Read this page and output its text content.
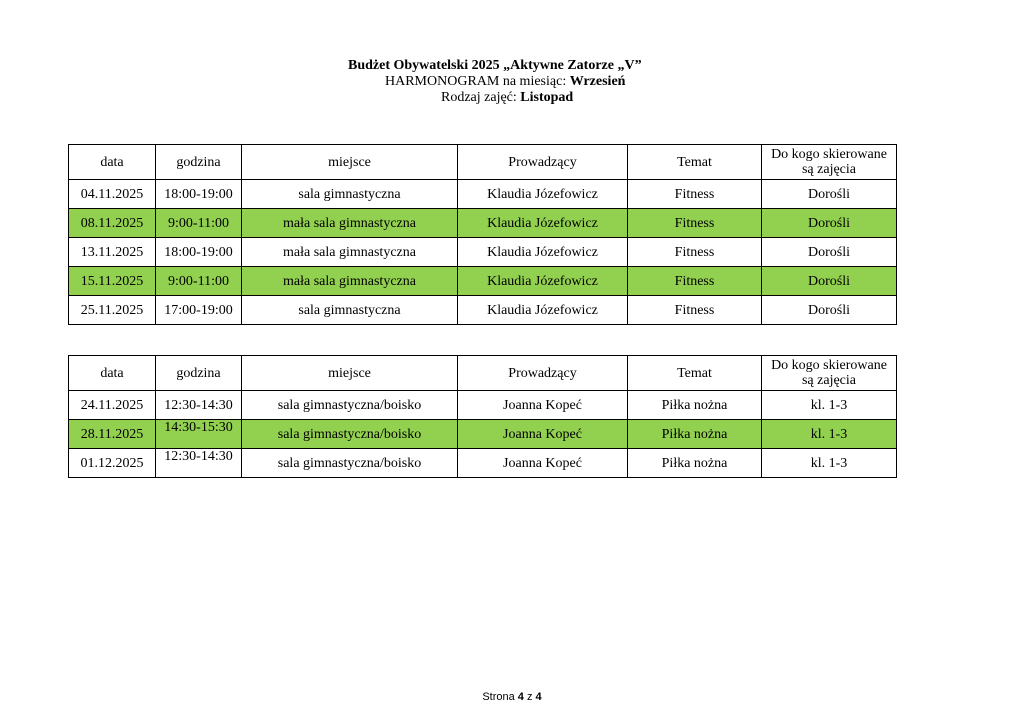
Budżet Obywatelski 2025 „Aktywne Zatorze „V”
HARMONOGRAM na miesiąc: Wrzesień
Rodzaj zajęć: Listopad
data	godzina	miejsce	Prowadzący	Temat	Do kogo skierowane są zajęcia
04.11.2025	18:00-19:00	sala gimnastyczna	Klaudia Józefowicz	Fitness	Dorośli
08.11.2025	9:00-11:00	mała sala gimnastyczna	Klaudia Józefowicz	Fitness	Dorośli
13.11.2025	18:00-19:00	mała sala gimnastyczna	Klaudia Józefowicz	Fitness	Dorośli
15.11.2025	9:00-11:00	mała sala gimnastyczna	Klaudia Józefowicz	Fitness	Dorośli
25.11.2025	17:00-19:00	sala gimnastyczna	Klaudia Józefowicz	Fitness	Dorośli
data	godzina	miejsce	Prowadzący	Temat	Do kogo skierowane są zajęcia
24.11.2025	12:30-14:30	sala gimnastyczna/boisko	Joanna Kopeć	Piłka nożna	kl. 1-3
28.11.2025	14:30-15:30	sala gimnastyczna/boisko	Joanna Kopeć	Piłka nożna	kl. 1-3
01.12.2025	12:30-14:30	sala gimnastyczna/boisko	Joanna Kopeć	Piłka nożna	kl. 1-3
Strona 4 z 4
